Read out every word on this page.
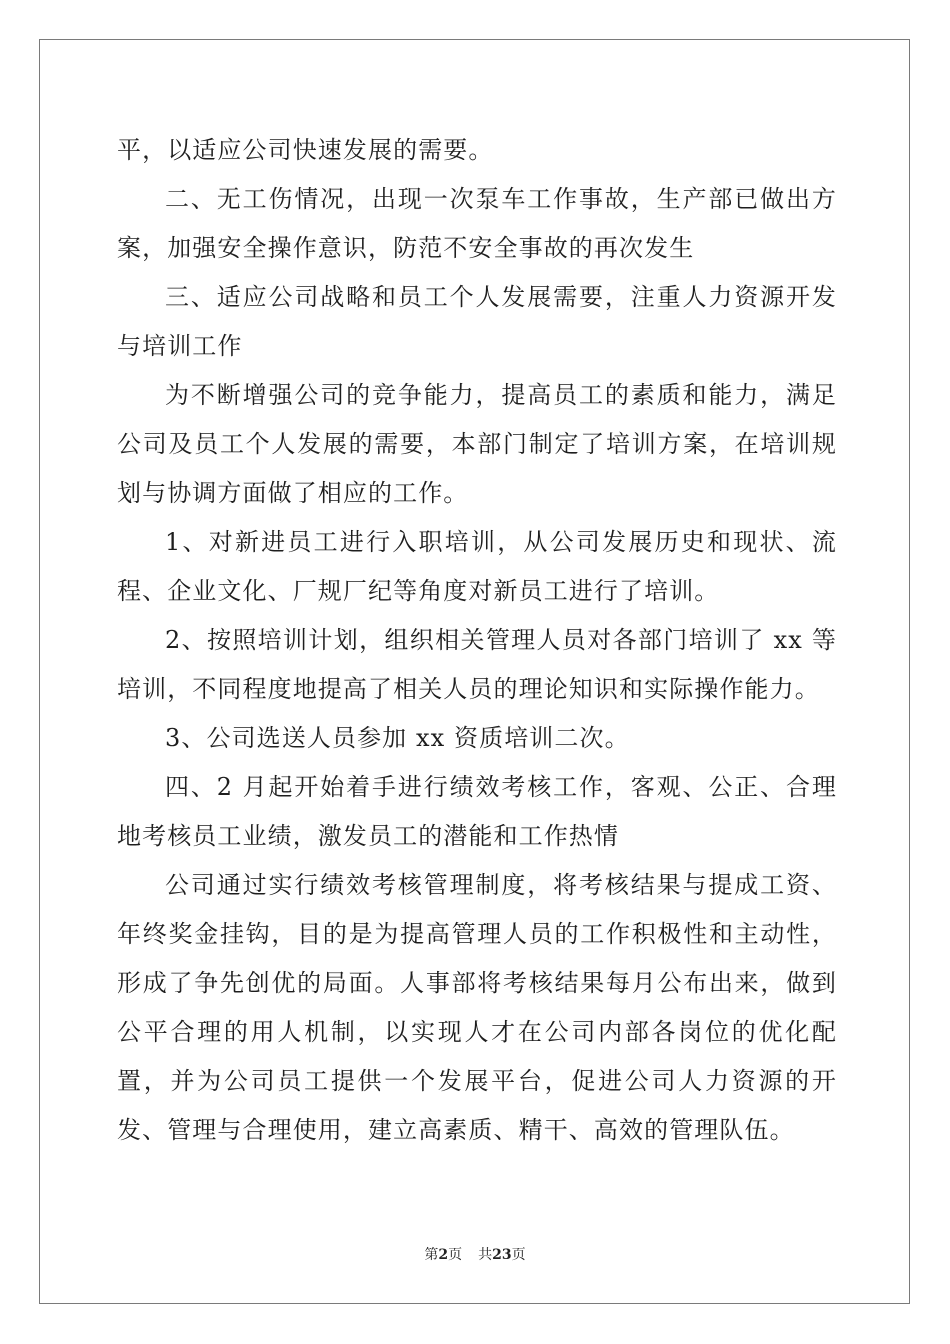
平，以适应公司快速发展的需要。

二、无工伤情况，出现一次泵车工作事故，生产部已做出方案，加强安全操作意识，防范不安全事故的再次发生

三、适应公司战略和员工个人发展需要，注重人力资源开发与培训工作

为不断增强公司的竞争能力，提高员工的素质和能力，满足公司及员工个人发展的需要，本部门制定了培训方案，在培训规划与协调方面做了相应的工作。

1、对新进员工进行入职培训，从公司发展历史和现状、流程、企业文化、厂规厂纪等角度对新员工进行了培训。

2、按照培训计划，组织相关管理人员对各部门培训了 xx 等培训，不同程度地提高了相关人员的理论知识和实际操作能力。

3、公司选送人员参加 xx 资质培训二次。

四、2 月起开始着手进行绩效考核工作，客观、公正、合理地考核员工业绩，激发员工的潜能和工作热情

公司通过实行绩效考核管理制度，将考核结果与提成工资、年终奖金挂钩，目的是为提高管理人员的工作积极性和主动性，形成了争先创优的局面。人事部将考核结果每月公布出来，做到公平合理的用人机制，以实现人才在公司内部各岗位的优化配置，并为公司员工提供一个发展平台，促进公司人力资源的开发、管理与合理使用，建立高素质、精干、高效的管理队伍。

第2页 共23页
